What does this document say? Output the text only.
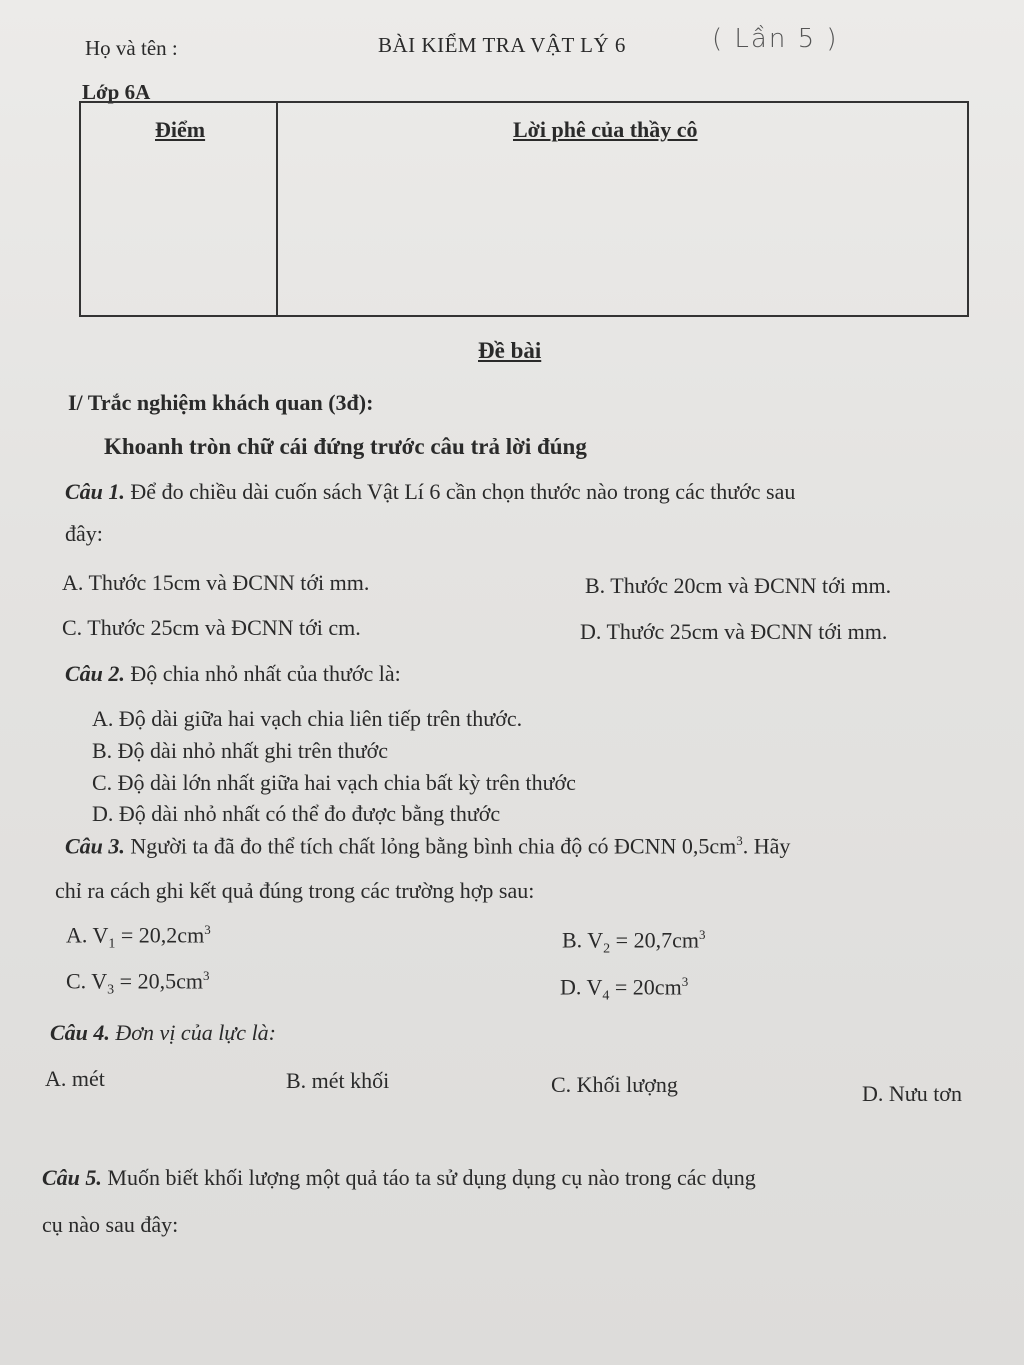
Họ và tên :	BÀI KIỂM TRA VẬT LÝ 6	( Lần 5 )
Lớp 6A
Điểm	Lời phê của thầy cô
Đề bài
I/ Trắc nghiệm khách quan (3đ):
Khoanh tròn chữ cái đứng trước câu trả lời đúng
Câu 1. Để đo chiều dài cuốn sách Vật Lí 6 cần chọn thước nào trong các thước sau
đây:
A. Thước 15cm và ĐCNN tới mm.	B. Thước 20cm và ĐCNN tới mm.
C. Thước 25cm và ĐCNN tới cm.	D. Thước 25cm và ĐCNN tới mm.
Câu 2. Độ chia nhỏ nhất của thước là:
A. Độ dài giữa hai vạch chia liên tiếp trên thước.
B. Độ dài nhỏ nhất ghi trên thước
C. Độ dài lớn nhất giữa hai vạch chia bất kỳ trên thước
D. Độ dài nhỏ nhất có thể đo được bằng thước
Câu 3. Người ta đã đo thể tích chất lỏng bằng bình chia độ có ĐCNN $0,5cm^3$. Hãy
chỉ ra cách ghi kết quả đúng trong các trường hợp sau:
A. $V_1 = 20,2cm^3$	B. $V_2 = 20,7cm^3$
C. $V_3 = 20,5cm^3$	D. $V_4 = 20cm^3$
Câu 4. Đơn vị của lực là:
A. mét	B. mét khối	C. Khối lượng	D. Nưu tơn
Câu 5. Muốn biết khối lượng một quả táo ta sử dụng dụng cụ nào trong các dụng
cụ nào sau đây:
